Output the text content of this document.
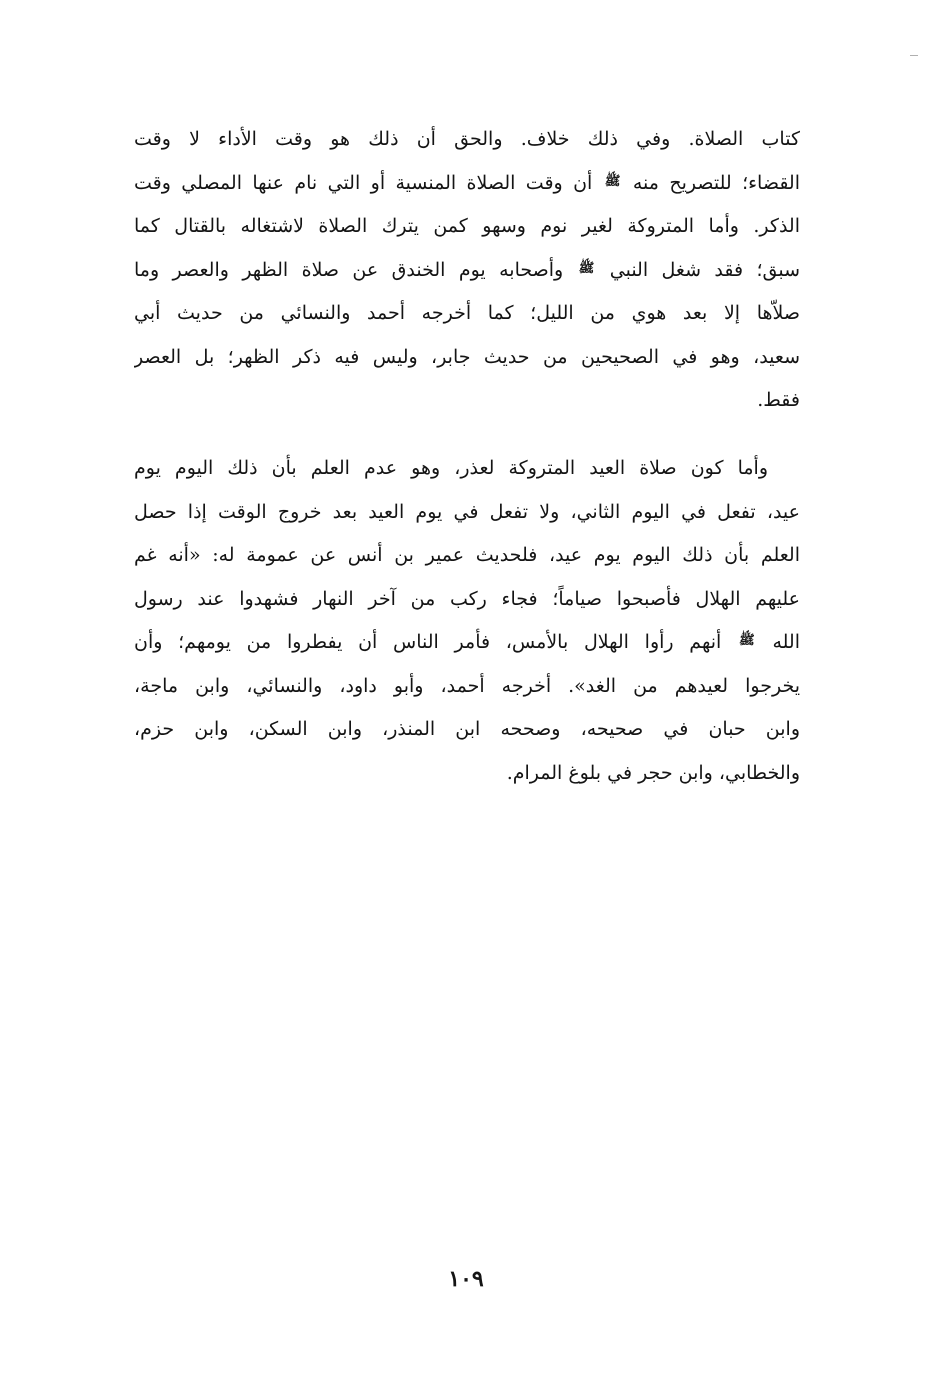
كتاب الصلاة. وفي ذلك خلاف. والحق أن ذلك هو وقت الأداء لا وقت
القضاء؛ للتصريح منه ﷺ أن وقت الصلاة المنسية أو التي نام عنها المصلي وقت
الذكر. وأما المتروكة لغير نوم وسهو كمن يترك الصلاة لاشتغاله بالقتال كما
سبق؛ فقد شغل النبي ﷺ وأصحابه يوم الخندق عن صلاة الظهر والعصر وما
صلاّها إلا بعد هوي من الليل؛ كما أخرجه أحمد والنسائي من حديث أبي
سعيد، وهو في الصحيحين من حديث جابر، وليس فيه ذكر الظهر؛ بل العصر
فقط.
وأما كون صلاة العيد المتروكة لعذر، وهو عدم العلم بأن ذلك اليوم يوم
عيد، تفعل في اليوم الثاني، ولا تفعل في يوم العيد بعد خروج الوقت إذا حصل
العلم بأن ذلك اليوم يوم عيد، فلحديث عمير بن أنس عن عمومة له: «أنه غم
عليهم الهلال فأصبحوا صياماً؛ فجاء ركب من آخر النهار فشهدوا عند رسول
الله ﷺ أنهم رأوا الهلال بالأمس، فأمر الناس أن يفطروا من يومهم؛ وأن
يخرجوا لعيدهم من الغد». أخرجه أحمد، وأبو داود، والنسائي، وابن ماجة،
وابن حبان في صحيحه، وصححه ابن المنذر، وابن السكن، وابن حزم،
والخطابي، وابن حجر في بلوغ المرام.
١٠٩
